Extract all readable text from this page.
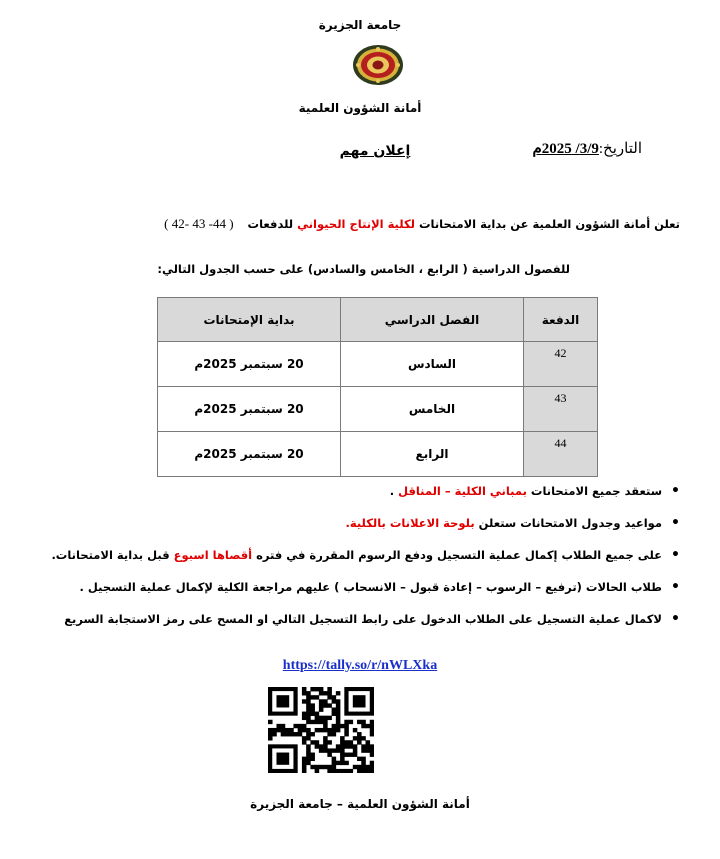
جامعة الجزيرة
أمانة الشؤون العلمية
التاريخ:3/9/ 2025م
إعلان مهم
تعلن أمانة الشؤون العلمية عن بداية الامتحانات لكلية الإنتاج الحيواني للدفعات ( 44- 43 -42 )
للفصول الدراسية ( الرابع ، الخامس والسادس) على حسب الجدول التالي:
الدفعة	الفصل الدراسي	بداية الإمتحانات
42	السادس	20 سبتمبر 2025م
43	الخامس	20 سبتمبر 2025م
44	الرابع	20 سبتمبر 2025م
• ستعقد جميع الامتحانات بمباني الكلية – المناقل .
• مواعيد وجدول الامتحانات ستعلن بلوحة الاعلانات بالكلية.
• على جميع الطلاب إكمال عملية التسجيل ودفع الرسوم المقررة في فتره أقصاها اسبوع قبل بداية الامتحانات.
• طلاب الحالات (ترفيع – الرسوب – إعادة قبول – الانسحاب ) عليهم مراجعة الكلية لإكمال عملية التسجيل .
• لاكمال عملية التسجيل على الطلاب الدخول على رابط التسجيل التالي او المسح على رمز الاستجابة السريع
https://tally.so/r/nWLXka
أمانة الشؤون العلمية – جامعة الجزيرة
